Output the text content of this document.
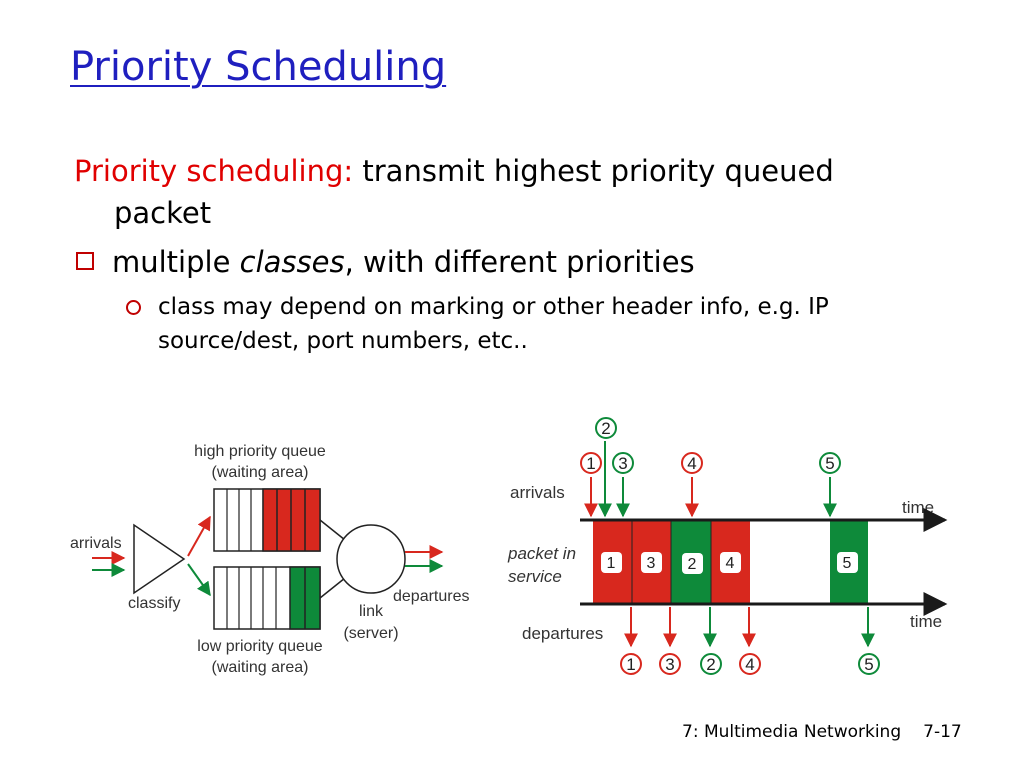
Priority Scheduling
Priority scheduling: transmit highest priority queued
packet
multiple classes, with different priorities
class may depend on marking or other header info, e.g. IP
source/dest, port numbers, etc..
high priority queue
(waiting area)
low priority queue
(waiting area)
arrivals
classify	link
(server)
departures
arrivals
time
time
packet in
service
departures
1 3 2 4	5
2
1 3	4	5
1 3 2 4	5
7: Multimedia Networking 7-17
